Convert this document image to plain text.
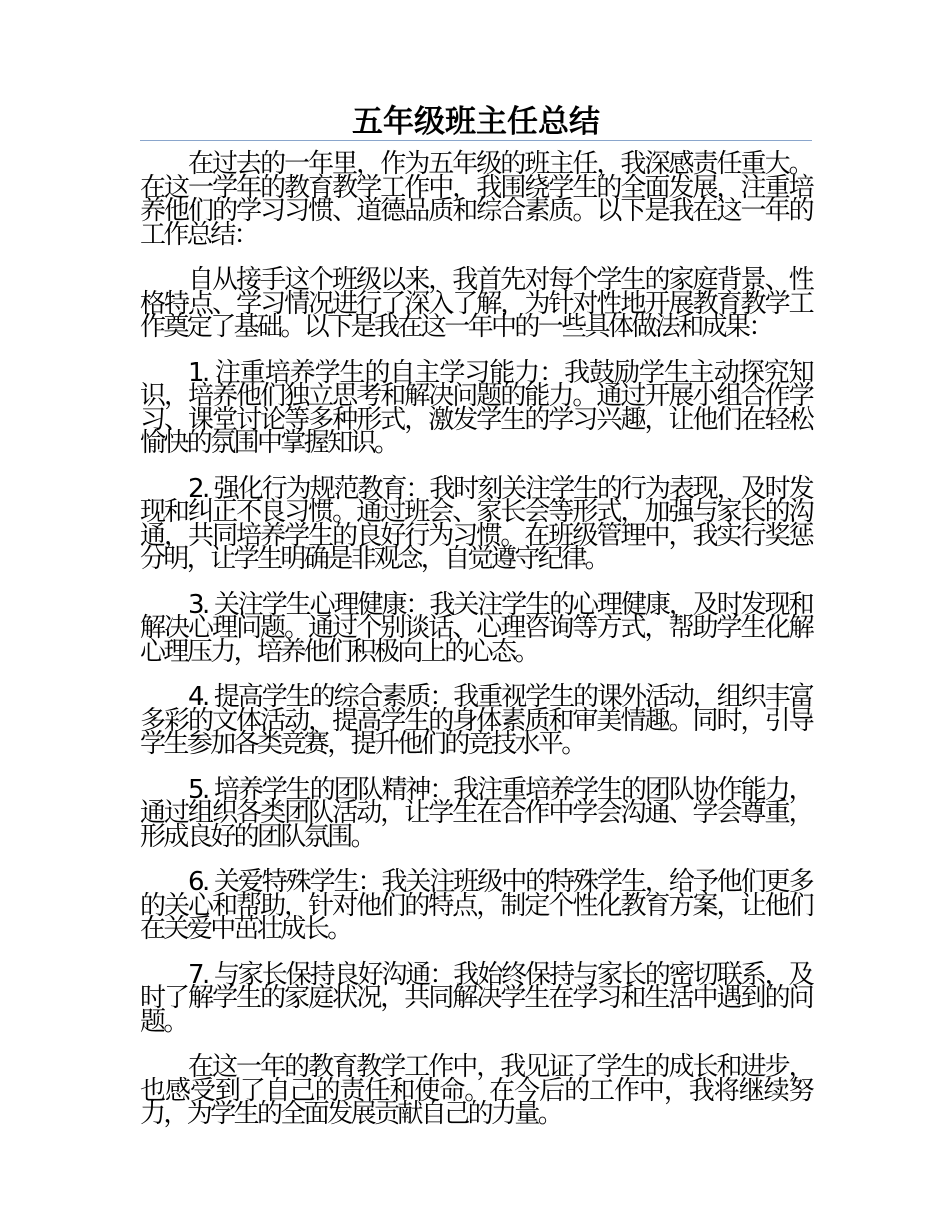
五年级班主任总结

在过去的一年里，作为五年级的班主任，我深感责任重大。在这一学年的教育教学工作中，我围绕学生的全面发展，注重培养他们的学习习惯、道德品质和综合素质。以下是我在这一年的工作总结：

自从接手这个班级以来，我首先对每个学生的家庭背景、性格特点、学习情况进行了深入了解，为针对性地开展教育教学工作奠定了基础。以下是我在这一年中的一些具体做法和成果：

1. 注重培养学生的自主学习能力：我鼓励学生主动探究知识，培养他们独立思考和解决问题的能力。通过开展小组合作学习、课堂讨论等多种形式，激发学生的学习兴趣，让他们在轻松愉快的氛围中掌握知识。

2. 强化行为规范教育：我时刻关注学生的行为表现，及时发现和纠正不良习惯。通过班会、家长会等形式，加强与家长的沟通，共同培养学生的良好行为习惯。在班级管理中，我实行奖惩分明，让学生明确是非观念，自觉遵守纪律。

3. 关注学生心理健康：我关注学生的心理健康，及时发现和解决心理问题。通过个别谈话、心理咨询等方式，帮助学生化解心理压力，培养他们积极向上的心态。

4. 提高学生的综合素质：我重视学生的课外活动，组织丰富多彩的文体活动，提高学生的身体素质和审美情趣。同时，引导学生参加各类竞赛，提升他们的竞技水平。

5. 培养学生的团队精神：我注重培养学生的团队协作能力，通过组织各类团队活动，让学生在合作中学会沟通、学会尊重，形成良好的团队氛围。

6. 关爱特殊学生：我关注班级中的特殊学生，给予他们更多的关心和帮助，针对他们的特点，制定个性化教育方案，让他们在关爱中茁壮成长。

7. 与家长保持良好沟通：我始终保持与家长的密切联系，及时了解学生的家庭状况，共同解决学生在学习和生活中遇到的问题。

在这一年的教育教学工作中，我见证了学生的成长和进步，也感受到了自己的责任和使命。在今后的工作中，我将继续努力，为学生的全面发展贡献自己的力量。
